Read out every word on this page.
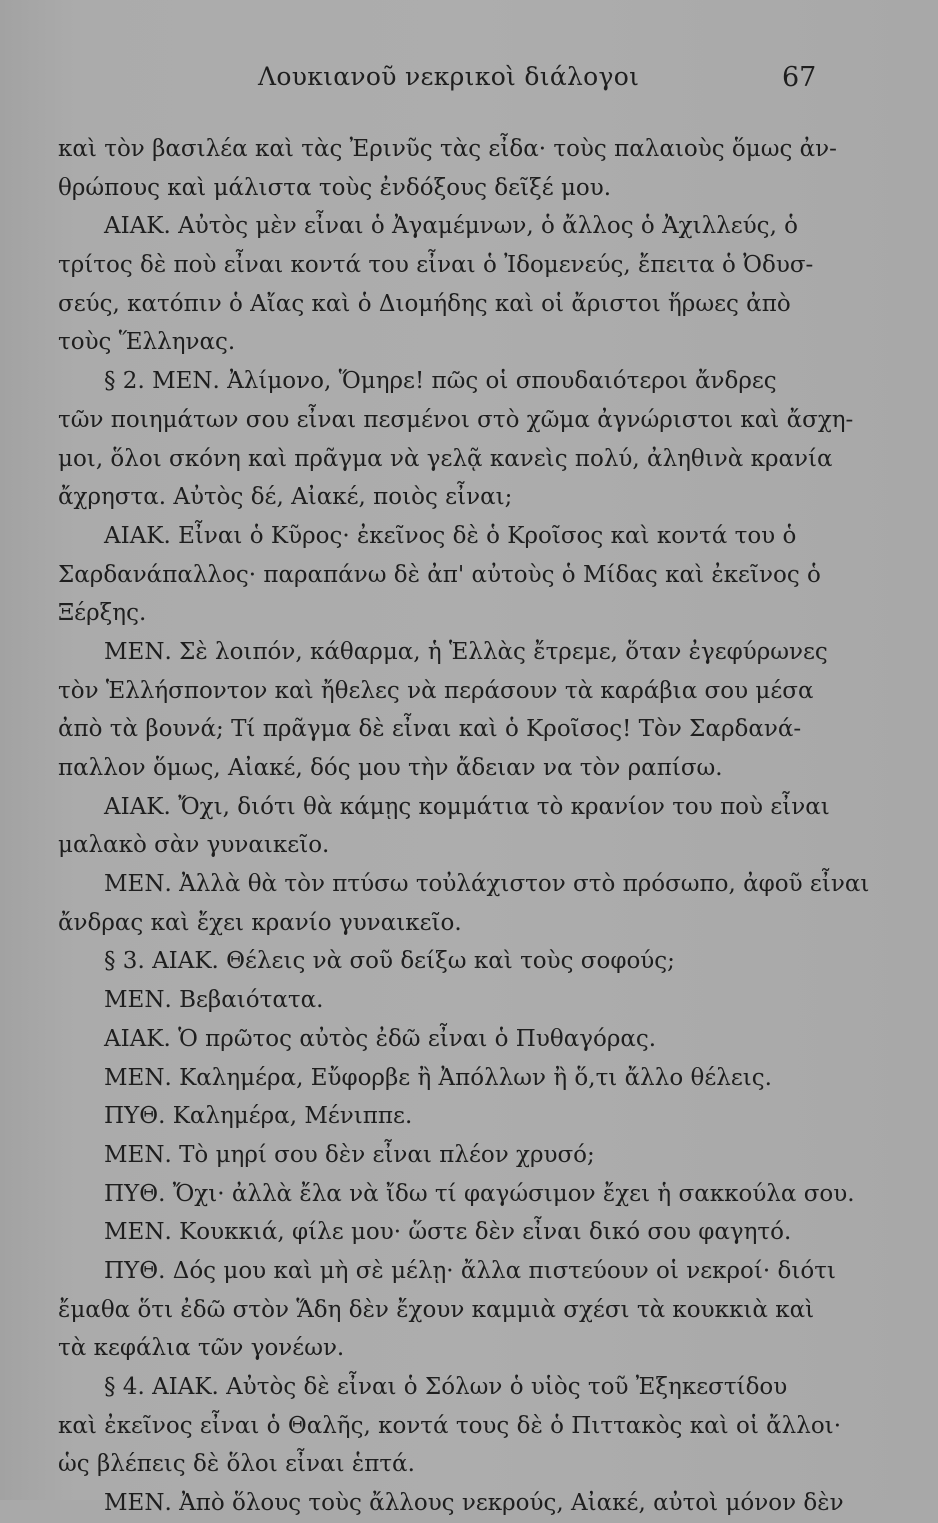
Λουκιανοῦ νεκρικοὶ διάλογοι	67
καὶ τὸν βασιλέα καὶ τὰς Ἐρινῦς τὰς εἶδα· τοὺς παλαιοὺς ὅμως ἀν-
θρώπους καὶ μάλιστα τοὺς ἐνδόξους δεῖξέ μου.
ΑΙΑΚ. Αὐτὸς μὲν εἶναι ὁ Ἀγαμέμνων, ὁ ἄλλος ὁ Ἀχιλλεύς, ὁ
τρίτος δὲ ποὺ εἶναι κοντά του εἶναι ὁ Ἰδομενεύς, ἔπειτα ὁ Ὀδυσ-
σεύς, κατόπιν ὁ Αἴας καὶ ὁ Διομήδης καὶ οἱ ἄριστοι ἥρωες ἀπὸ
τοὺς Ἕλληνας.
§ 2. ΜΕΝ. Ἀλίμονο, Ὅμηρε! πῶς οἱ σπουδαιότεροι ἄνδρες
τῶν ποιημάτων σου εἶναι πεσμένοι στὸ χῶμα ἀγνώριστοι καὶ ἄσχη-
μοι, ὅλοι σκόνη καὶ πρᾶγμα νὰ γελᾷ κανεὶς πολύ, ἀληθινὰ κρανία
ἄχρηστα. Αὐτὸς δέ, Αἰακέ, ποιὸς εἶναι;
ΑΙΑΚ. Εἶναι ὁ Κῦρος· ἐκεῖνος δὲ ὁ Κροῖσος καὶ κοντά του ὁ
Σαρδανάπαλλος· παραπάνω δὲ ἀπ' αὐτοὺς ὁ Μίδας καὶ ἐκεῖνος ὁ
Ξέρξης.
ΜΕΝ. Σὲ λοιπόν, κάθαρμα, ἡ Ἑλλὰς ἔτρεμε, ὅταν ἐγεφύρωνες
τὸν Ἑλλήσποντον καὶ ἤθελες νὰ περάσουν τὰ καράβια σου μέσα
ἀπὸ τὰ βουνά; Τί πρᾶγμα δὲ εἶναι καὶ ὁ Κροῖσος! Τὸν Σαρδανά-
παλλον ὅμως, Αἰακέ, δός μου τὴν ἄδειαν να τὸν ραπίσω.
ΑΙΑΚ. Ὄχι, διότι θὰ κάμῃς κομμάτια τὸ κρανίον του ποὺ εἶναι
μαλακὸ σὰν γυναικεῖο.
ΜΕΝ. Ἀλλὰ θὰ τὸν πτύσω τοὐλάχιστον στὸ πρόσωπο, ἀφοῦ εἶναι
ἄνδρας καὶ ἔχει κρανίο γυναικεῖο.
§ 3. ΑΙΑΚ. Θέλεις νὰ σοῦ δείξω καὶ τοὺς σοφούς;
ΜΕΝ. Βεβαιότατα.
ΑΙΑΚ. Ὁ πρῶτος αὐτὸς ἐδῶ εἶναι ὁ Πυθαγόρας.
ΜΕΝ. Καλημέρα, Εὔφορβε ἢ Ἀπόλλων ἢ ὅ,τι ἄλλο θέλεις.
ΠΥΘ. Καλημέρα, Μένιππε.
ΜΕΝ. Τὸ μηρί σου δὲν εἶναι πλέον χρυσό;
ΠΥΘ. Ὄχι· ἀλλὰ ἔλα νὰ ἴδω τί φαγώσιμον ἔχει ἡ σακκούλα σου.
ΜΕΝ. Κουκκιά, φίλε μου· ὥστε δὲν εἶναι δικό σου φαγητό.
ΠΥΘ. Δός μου καὶ μὴ σὲ μέλῃ· ἄλλα πιστεύουν οἱ νεκροί· διότι
ἔμαθα ὅτι ἐδῶ στὸν Ἅδη δὲν ἔχουν καμμιὰ σχέσι τὰ κουκκιὰ καὶ
τὰ κεφάλια τῶν γονέων.
§ 4. ΑΙΑΚ. Αὐτὸς δὲ εἶναι ὁ Σόλων ὁ υἱὸς τοῦ Ἐξηκεστίδου
καὶ ἐκεῖνος εἶναι ὁ Θαλῆς, κοντά τους δὲ ὁ Πιττακὸς καὶ οἱ ἄλλοι·
ὡς βλέπεις δὲ ὅλοι εἶναι ἑπτά.
ΜΕΝ. Ἀπὸ ὅλους τοὺς ἄλλους νεκρούς, Αἰακέ, αὐτοὶ μόνον δὲν
